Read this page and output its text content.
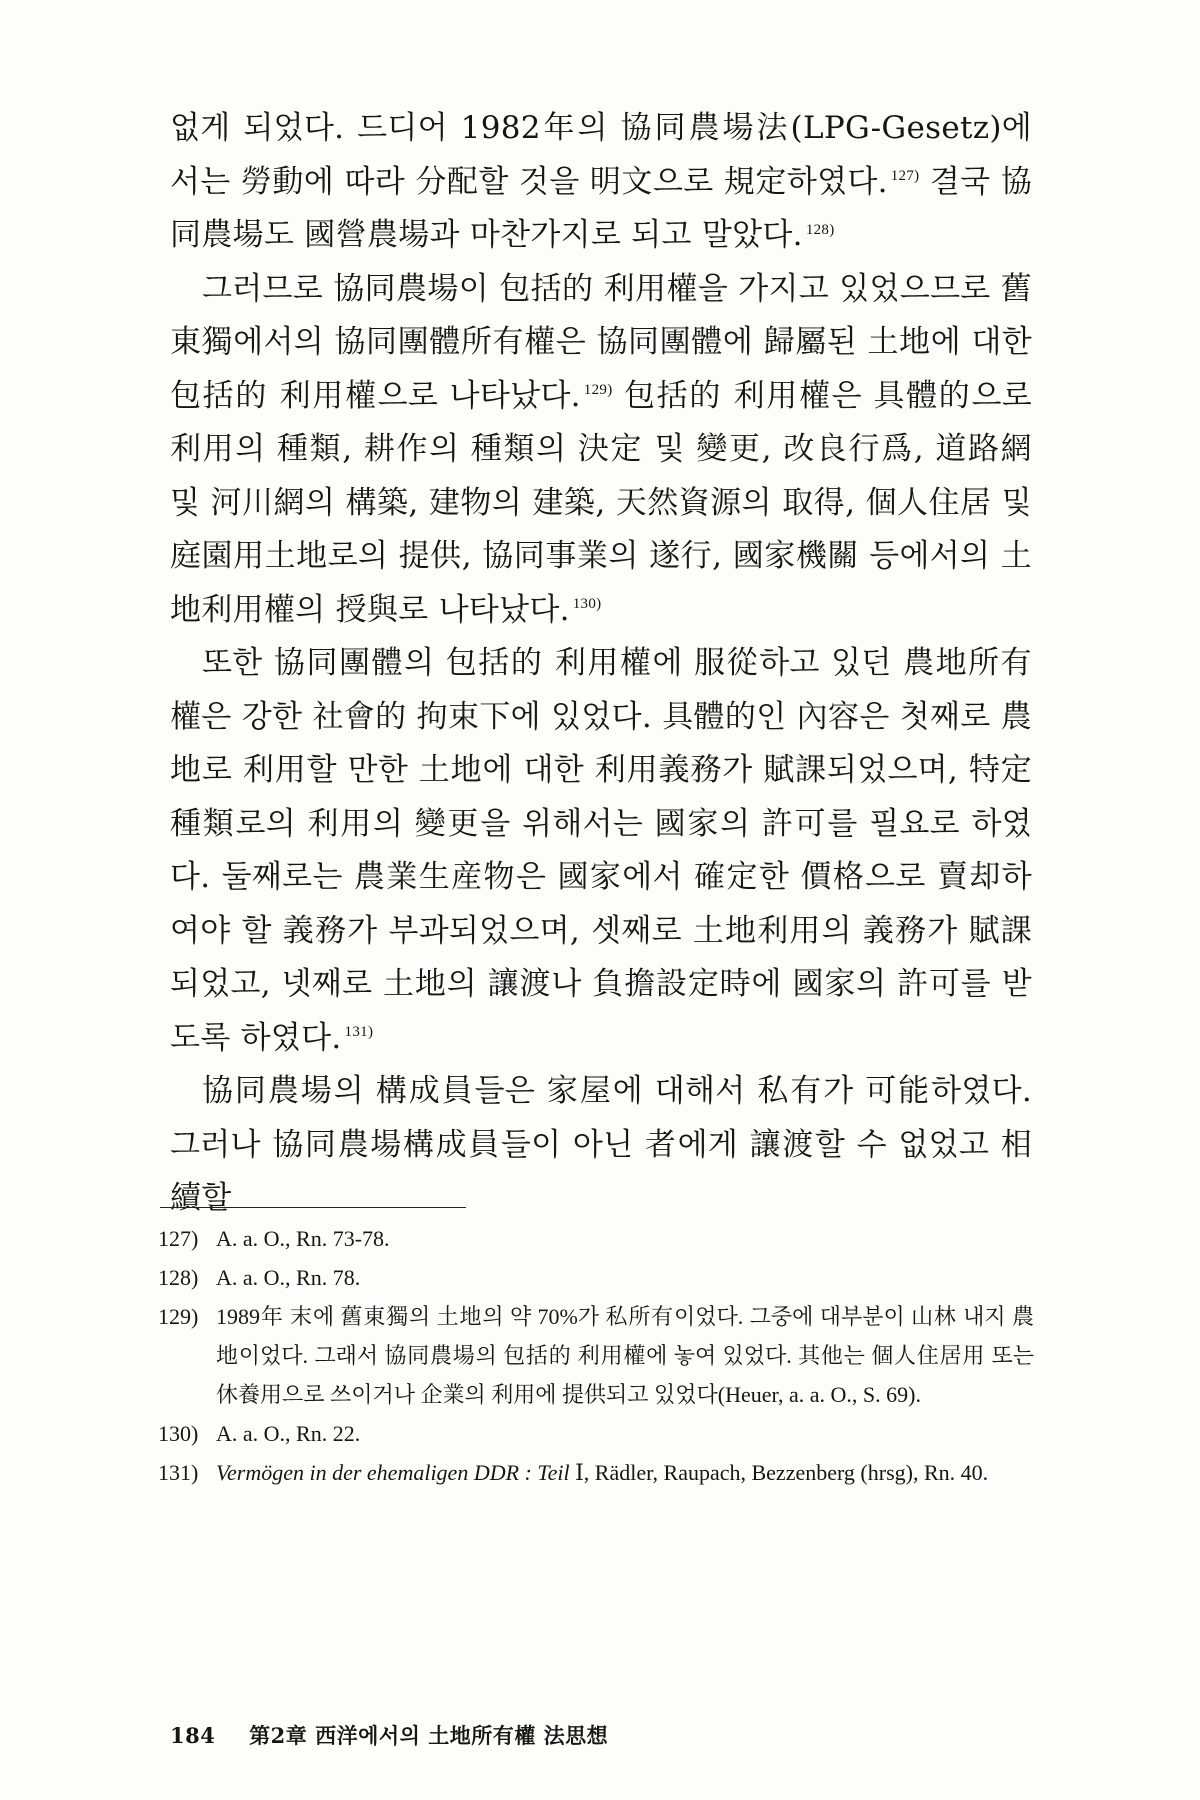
없게 되었다. 드디어 1982年의 協同農場法(LPG-Gesetz)에서는 勞動에 따라 分配할 것을 明文으로 規定하였다. $^{127)}$ 결국 協同農場도 國營農場과 마찬가지로 되고 말았다. $^{128)}$

그러므로 協同農場이 包括的 利用權을 가지고 있었으므로 舊東獨에서의 協同團體所有權은 協同團體에 歸屬된 土地에 대한 包括的 利用權으로 나타났다. $^{129)}$ 包括的 利用權은 具體的으로 利用의 種類, 耕作의 種類의 決定 및 變更, 改良行爲, 道路網 및 河川網의 構築, 建物의 建築, 天然資源의 取得, 個人住居 및 庭園用土地로의 提供, 協同事業의 遂行, 國家機關 등에서의 土地利用權의 授與로 나타났다. $^{130)}$

또한 協同團體의 包括的 利用權에 服從하고 있던 農地所有權은 강한 社會的 拘束下에 있었다. 具體的인 內容은 첫째로 農地로 利用할 만한 土地에 대한 利用義務가 賦課되었으며, 特定種類로의 利用의 變更을 위해서는 國家의 許可를 필요로 하였다. 둘째로는 農業生産物은 國家에서 確定한 價格으로 賣却하여야 할 義務가 부과되었으며, 셋째로 土地利用의 義務가 賦課되었고, 넷째로 土地의 讓渡나 負擔設定時에 國家의 許可를 받도록 하였다. $^{131)}$

協同農場의 構成員들은 家屋에 대해서 私有가 可能하였다. 그러나 協同農場構成員들이 아닌 者에게 讓渡할 수 없었고 相續할

127) A. a. O., Rn. 73-78.
128) A. a. O., Rn. 78.
129) 1989年 末에 舊東獨의 土地의 약 70%가 私所有이었다. 그중에 대부분이 山林 내지 農地이었다. 그래서 協同農場의 包括的 利用權에 놓여 있었다. 其他는 個人住居用 또는 休養用으로 쓰이거나 企業의 利用에 提供되고 있었다(Heuer, a. a. O., S. 69).
130) A. a. O., Rn. 22.
131) Vermögen in der ehemaligen DDR : Teil Ⅰ, Rädler, Raupach, Bezzenberg (hrsg), Rn. 40.
184 第2章 西洋에서의 土地所有權 法思想
